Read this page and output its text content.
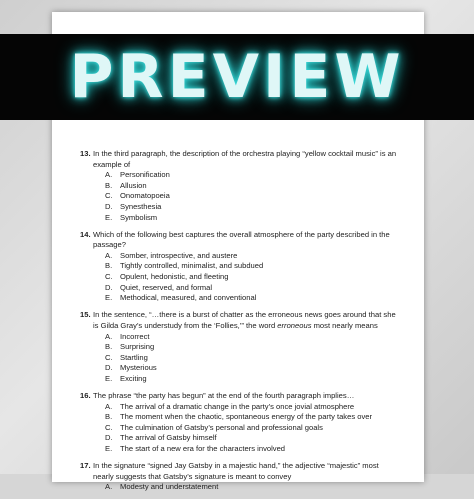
13. In the third paragraph, the description of the orchestra playing “yellow cocktail music” is an example of
A. Personification
B. Allusion
C. Onomatopoeia
D. Synesthesia
E. Symbolism
14. Which of the following best captures the overall atmosphere of the party described in the passage?
A. Somber, introspective, and austere
B. Tightly controlled, minimalist, and subdued
C. Opulent, hedonistic, and fleeting
D. Quiet, reserved, and formal
E. Methodical, measured, and conventional
15. In the sentence, “…there is a burst of chatter as the erroneous news goes around that she is Gilda Gray’s understudy from the ‘Follies,’” the word erroneous most nearly means
A. Incorrect
B. Surprising
C. Startling
D. Mysterious
E. Exciting
16. The phrase “the party has begun” at the end of the fourth paragraph implies…
A. The arrival of a dramatic change in the party’s once jovial atmosphere
B. The moment when the chaotic, spontaneous energy of the party takes over
C. The culmination of Gatsby’s personal and professional goals
D. The arrival of Gatsby himself
E. The start of a new era for the characters involved
17. In the signature “signed Jay Gatsby in a majestic hand,” the adjective “majestic” most nearly suggests that Gatsby’s signature is meant to convey
A. Modesty and understatement
PREVIEW
